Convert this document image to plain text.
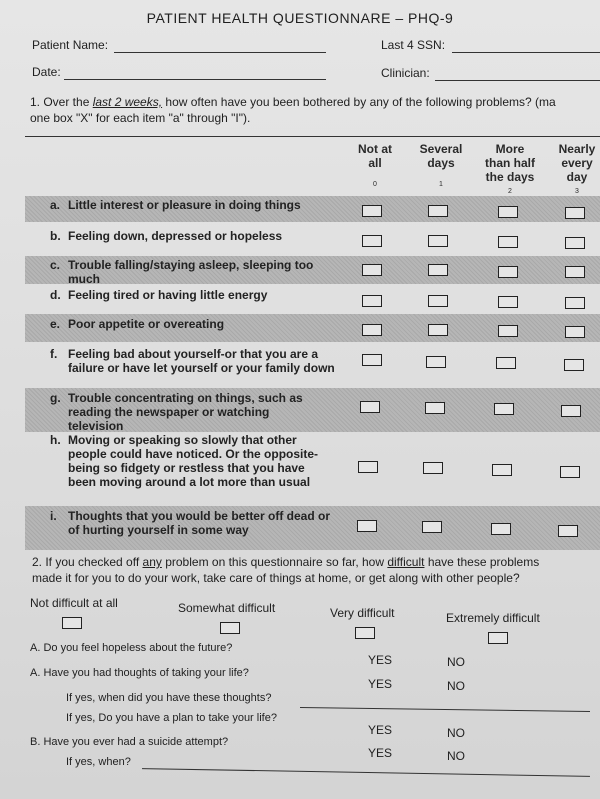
PATIENT HEALTH QUESTIONNARE – PHQ-9
Patient Name:	Last 4 SSN:
Date:	Clinician:
1. Over the last 2 weeks, how often have you been bothered by any of the following problems? (ma
one box "X" for each item "a" through "I").
Not at
all
0
Several
days
1
More
than half
the days
2
Nearly
every
day
3
a. Little interest or pleasure in doing things
b. Feeling down, depressed or hopeless
c. Trouble falling/staying asleep, sleeping too much
d. Feeling tired or having little energy
e. Poor appetite or overeating
f. Feeling bad about yourself-or that you are a failure or have let yourself or your family down
g. Trouble concentrating on things, such as reading the newspaper or watching television
h. Moving or speaking so slowly that other people could have noticed. Or the opposite-being so fidgety or restless that you have been moving around a lot more than usual
i. Thoughts that you would be better off dead or of hurting yourself in some way
2. If you checked off any problem on this questionnaire so far, how difficult have these problems
made it for you to do your work, take care of things at home, or get along with other people?
Not difficult at all	Somewhat difficult	Very difficult	Extremely difficult
A. Do you feel hopeless about the future?
YES	NO
A. Have you had thoughts of taking your life?
YES	NO
If yes, when did you have these thoughts?
If yes, Do you have a plan to take your life?
YES	NO
B. Have you ever had a suicide attempt?
YES	NO
If yes, when?
